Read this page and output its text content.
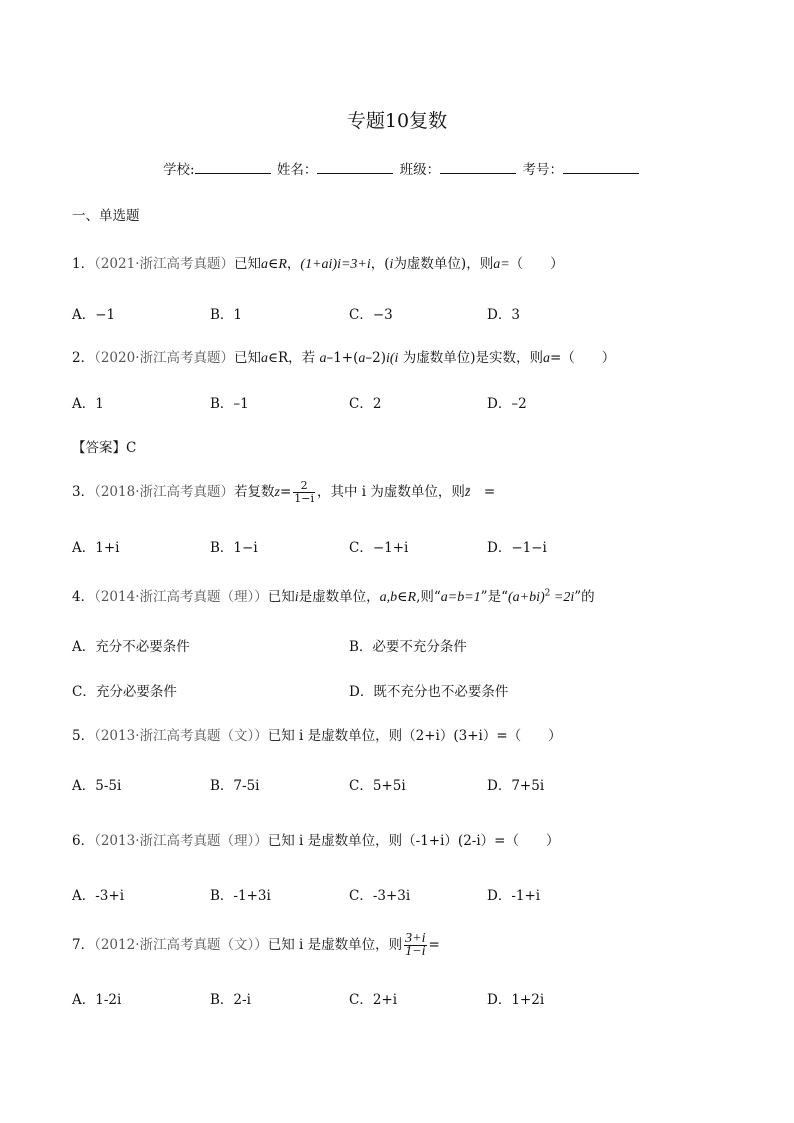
专题10复数
学校:	姓名：	班级：	考号：
一、单选题
1．（2021·浙江高考真题）已知a∈R，(1+ai)i=3+i，(i为虚数单位)，则a=（　　）
A．−1	B．1	C．−3	D．3
2．（2020·浙江高考真题）已知a∈R，若 a–1+(a–2)i(i 为虚数单位)是实数，则a=（　　）
A．1	B．–1	C．2	D．–2
【答案】C
3．（2018·浙江高考真题）若复数$z= \frac{2}{1-i}$ ，其中 i 为虚数单位，则z̄　=
A．1+i	B．1−i	C．−1+i	D．−1−i
4．（2014·浙江高考真题（理））已知i是虚数单位，a,b∈R,则“a=b=1”是“$(a+bi)^2 =2i$”的
A．充分不必要条件	B．必要不充分条件
C．充分必要条件	D．既不充分也不必要条件
5．（2013·浙江高考真题（文））已知 i 是虚数单位，则（2+i）(3+i）=（　　）
A．5-5i	B．7-5i	C．5+5i	D．7+5i
6．（2013·浙江高考真题（理））已知 i 是虚数单位，则（-1+i）(2-i）=（　　）
A．-3+i	B．-1+3i	C．-3+3i	D．-1+i
7．（2012·浙江高考真题（文））已知 i 是虚数单位，则 $\frac{3+i}{1-i}$ =
A．1-2i	B．2-i	C．2+i	D．1+2i
